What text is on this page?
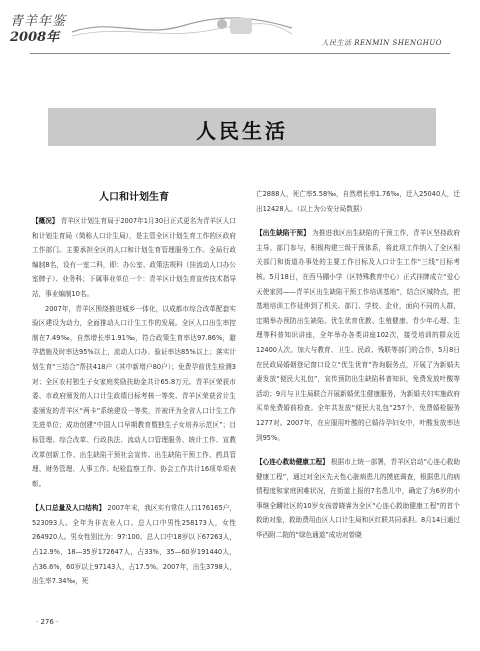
青羊年鉴
2008年	人民生活 RENMIN SHENGHUO
人民生活
人口和计划生育

【概况】 青羊区计划生育局于2007年1月30日正式更名为青羊区人口和计划生育局（简称人口计生局），是主管全区计划生育工作的区政府工作部门。主要承担全区的人口和计划生育管理服务工作。全局行政编制8名，设有一室二科，即：办公室、政策法规科（挂流动人口办公室牌子）、业务科；下属事业单位一个：青羊区计划生育宣传技术指导站，事业编制10名。

2007年，青羊区围绕推进城乡一体化，以成都市综合改革配套实验区建设为动力，全面推动人口计生工作的发展。全区人口出生率控制在7.49‰，自然增长率1.91‰，符合政策生育率达97.86%，避孕措施及时率达95%以上，流动人口办、验证率达85%以上；落实计划生育“三结合”帮扶418户（其中新增户80户）；免费孕前优生检测3对；全区农村独生子女家庭奖励扶助金共计65.8万元。青羊区荣获市委、市政府颁发的人口计生政绩目标考核一等奖、青羊区荣获省计生委颁发的青羊区“两卡”系统建设一等奖，并被评为全省人口计生工作先进单位；成功创建“中国人口早期教育暨独生子女培养示范区”；目标管理、综合改革、行政执法、流动人口管理服务、统计工作、宣教改革创新工作、出生缺陷干预社会宣传、出生缺陷干预工作、药具管理、财务管理、人事工作、纪检监察工作、协会工作共计16项单项表彰。

【人口总量及人口结构】 2007年末，我区实有常住人口176165户，523093人。全年为非农业人口。总人口中男性258173人，女性264920人。男女性别比为：97∶100。总人口中18岁以下67263人，占12.9%，18—35岁172647人，占33%，35—60岁191440人，占36.6%，60岁以上97143人，占17.5%。2007年，出生3798人，出生率7.34‰，死

亡2888人，死亡率5.58‰，自然增长率1.76‰，迁入25040人，迁出12428人。（以上为公安分局数据）

【出生缺陷干预】 为推进我区出生缺陷的干预工作，青羊区坚持政府主导、部门参与，积极构建三级干预体系，将此项工作纳入了全区相关部门和街道办事处的主要工作目标及人口计生工作“三线”目标考核。5月18日，在西马棚小学（区特殊教育中心）正式挂牌成立“爱心天使家园——青羊区出生缺陷干预工作培训基地”，结合区城特点，把基地培训工作延伸到了机关、部门、学校、企业，面向不同的人群，定期举办预防出生缺陷、优生优育优教、生殖健康、青少年心理、生理等科普知识讲座，全年举办各类讲座102次，接受培训的群众近12400人次。加大与教育、卫生、民政、残联等部门的合作，5月8日在民政局婚姻登记窗口设立“优生优育”咨询服务点，开展了为新婚夫妻发放“便民大礼包”，宣传预防出生缺陷科普知识，免费发放叶酸等活动；9月与卫生局联合开展新婚优生健康服务，为新婚夫妇实施政府买单免费婚前检查。全年共发放“便民大礼包”257个，免费婚检服务1277对。2007年，在应服用叶酸的已婚待孕妇女中，叶酸发放率达到95%。

【心连心救助健康工程】 根据市上统一部署，青羊区启动“心连心救助健康工程”，通过对全区先天性心脏病患儿的摸底调查，根据患儿的病情程度和家庭困难状况，在街道上报的7名患儿中，确定了为6岁的小事继全麟社区的10岁女孩曾晓睿为全区“心连心救助健康工程”的首个救助对象，救助费用由区人口计生局和区红联共同承担。8月14日通过华西附二院的“绿色通道”成功对曾晓

· 276 ·
